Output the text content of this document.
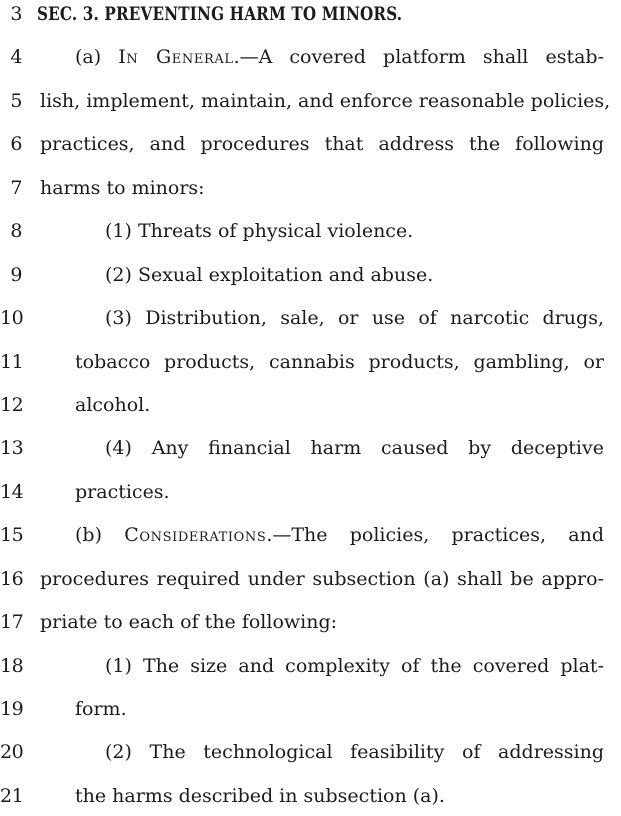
3 SEC. 3. PREVENTING HARM TO MINORS.
4	(a) In General.—A covered platform shall estab-
5 lish, implement, maintain, and enforce reasonable policies,
6 practices, and procedures that address the following
7 harms to minors:
8	(1) Threats of physical violence.
9	(2) Sexual exploitation and abuse.
10	(3) Distribution, sale, or use of narcotic drugs,
11	tobacco products, cannabis products, gambling, or
12	alcohol.
13	(4) Any financial harm caused by deceptive
14	practices.
15	(b) Considerations.—The policies, practices, and
16 procedures required under subsection (a) shall be appro-
17 priate to each of the following:
18	(1) The size and complexity of the covered plat-
19	form.
20	(2) The technological feasibility of addressing
21	the harms described in subsection (a).
